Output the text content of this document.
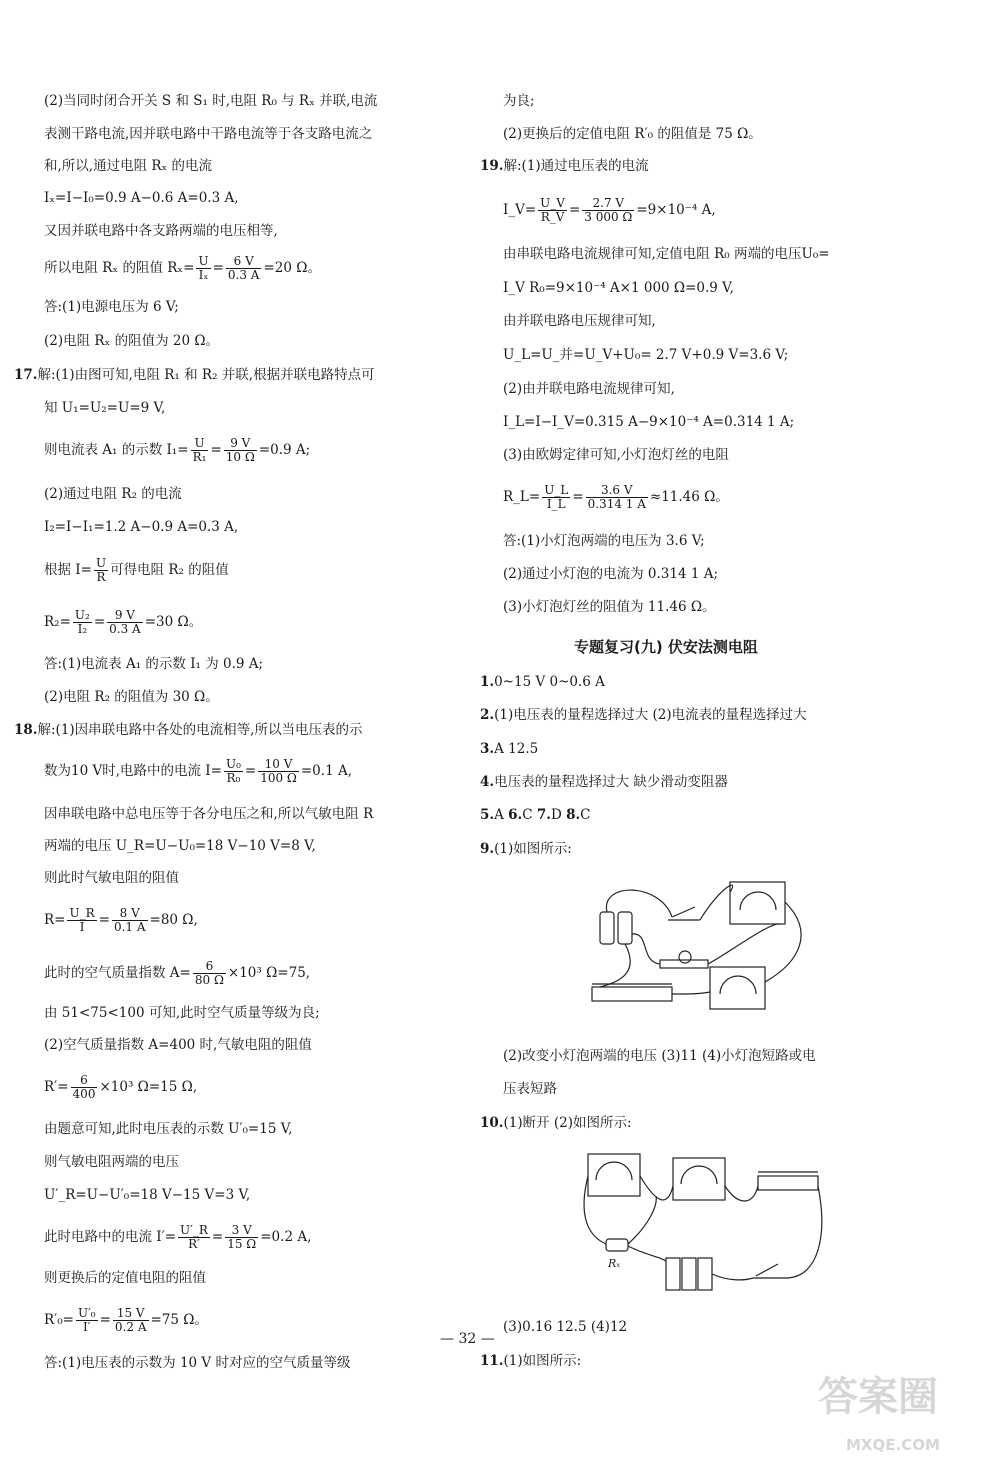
(2)当同时闭合开关 S 和 S₁ 时,电阻 R₀ 与 Rₓ 并联,电流
表测干路电流,因并联电路中干路电流等于各支路电流之
和,所以,通过电阻 Rₓ 的电流
Iₓ=I−I₀=0.9 A−0.6 A=0.3 A,
又因并联电路中各支路两端的电压相等,
所以电阻 Rₓ 的阻值 $R_x= \frac{U}{\text{Iₓ}} = \frac{6 V}{0.3 A} =20$ Ω。
答:(1)电源电压为 6 V;
(2)电阻 Rₓ 的阻值为 20 Ω。
17.解:(1)由图可知,电阻 R₁ 和 R₂ 并联,根据并联电路特点可
知 U₁=U₂=U=9 V,
则电流表 A₁ 的示数 $I_1= \frac{U}{\text{R₁}} = \frac{9 V}{10 \Omega} =0.9$ A;
(2)通过电阻 R₂ 的电流
I₂=I−I₁=1.2 A−0.9 A=0.3 A,
根据 $I= \frac{U}{R}$ 可得电阻 R₂ 的阻值
$R_2= \frac{\text{U₂}}{\text{I₂}} = \frac{9 V}{0.3 A} =30$ Ω。
答:(1)电流表 A₁ 的示数 I₁ 为 0.9 A;
(2)电阻 R₂ 的阻值为 30 Ω。
18.解:(1)因串联电路中各处的电流相等,所以当电压表的示
数为10 V时,电路中的电流 $I= \frac{\text{U₀}}{\text{R₀}} = \frac{10 V}{100 \Omega} =0.1$ A,
因串联电路中总电压等于各分电压之和,所以气敏电阻 R
两端的电压 U_R=U−U₀=18 V−10 V=8 V,
则此时气敏电阻的阻值
$R= \frac{U\_R}{I} = \frac{8 V}{0.1 A} =80$ Ω,
此时的空气质量指数 $A= \frac{6}{80 \Omega} \times 10^3$ Ω=75,
由 51<75<100 可知,此时空气质量等级为良;
(2)空气质量指数 A=400 时,气敏电阻的阻值
$R'= \frac{6}{400} \times 10^3$ Ω=15 Ω,
由题意可知,此时电压表的示数 U′₀=15 V,
则气敏电阻两端的电压
U′_R=U−U′₀=18 V−15 V=3 V,
此时电路中的电流 $I'= \frac{U'\_R}{R'} = \frac{3 V}{15 \Omega} =0.2$ A,
则更换后的定值电阻的阻值
$R'_0= \frac{\text{U′₀}}{I'} = \frac{15 V}{0.2 A} =75$ Ω。
答:(1)电压表的示数为 10 V 时对应的空气质量等级
为良;
(2)更换后的定值电阻 R′₀ 的阻值是 75 Ω。
19.解:(1)通过电压表的电流
I_V= $\frac{U\_V}{R\_V} = \frac{2.7 V}{3 000 \Omega} =9\times 10^{-4}$ A,
由串联电路电流规律可知,定值电阻 R₀ 两端的电压U₀=
I_V R₀=9×10⁻⁴ A×1 000 Ω=0.9 V,
由并联电路电压规律可知,
U_L=U_并=U_V+U₀= 2.7 V+0.9 V=3.6 V;
(2)由并联电路电流规律可知,
I_L=I−I_V=0.315 A−9×10⁻⁴ A=0.314 1 A;
(3)由欧姆定律可知,小灯泡灯丝的电阻
R_L= $\frac{U\_L}{I\_L} = \frac{3.6 V}{0.314 1 A} \approx 11.46$ Ω。
答:(1)小灯泡两端的电压为 3.6 V;
(2)通过小灯泡的电流为 0.314 1 A;
(3)小灯泡灯丝的阻值为 11.46 Ω。
专题复习(九) 伏安法测电阻
1.0~15 V 0~0.6 A
2.(1)电压表的量程选择过大 (2)电流表的量程选择过大
3.A 12.5
4.电压表的量程选择过大 缺少滑动变阻器
5.A 6.C 7.D 8.C
9.(1)如图所示:
(2)改变小灯泡两端的电压 (3)11 (4)小灯泡短路或电
压表短路
10.(1)断开 (2)如图所示:
Rₓ
(3)0.16 12.5 (4)12
11.(1)如图所示:
— 32 —
答案圈
MXQE.COM
